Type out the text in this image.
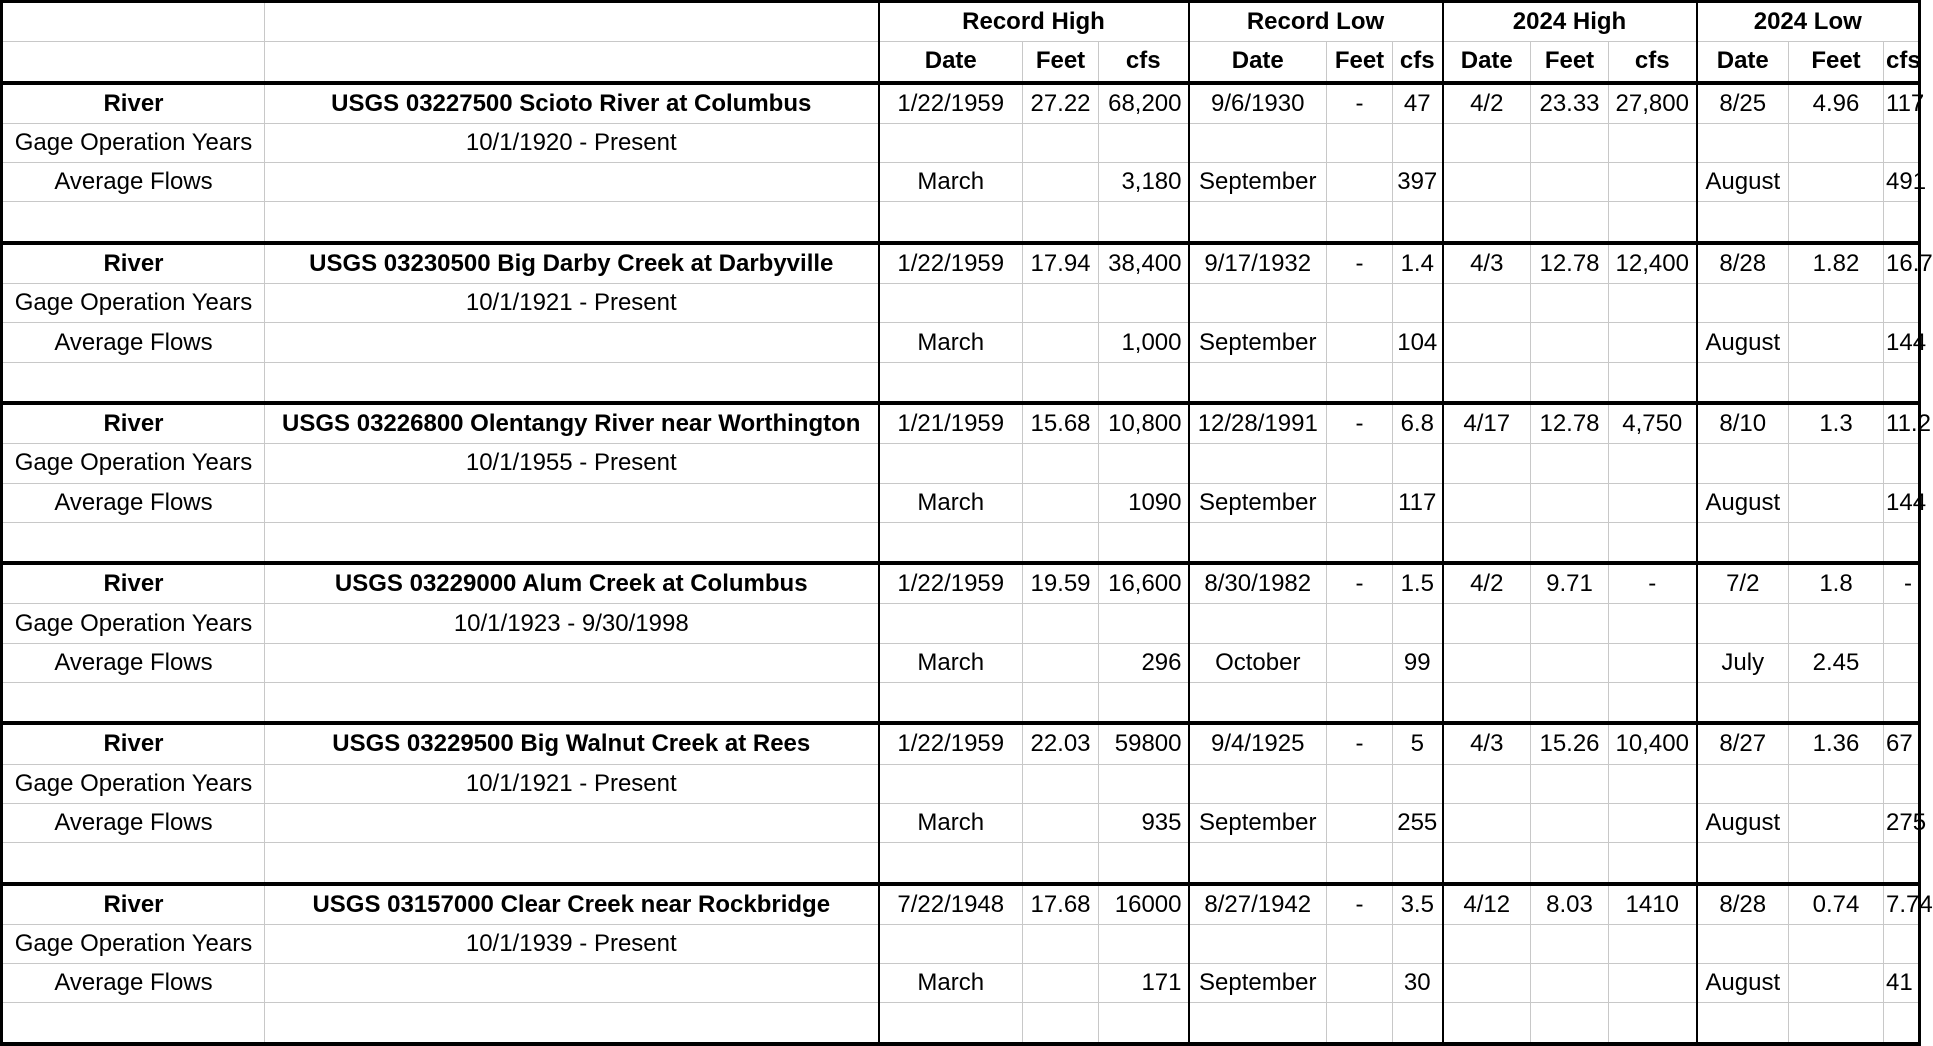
		Record High			Record Low			2024 High			2024 Low		
		Date	Feet	cfs	Date	Feet	cfs	Date	Feet	cfs	Date	Feet	cfs
River	USGS 03227500 Scioto River at Columbus	1/22/1959	27.22	68,200	9/6/1930	-	47	4/2	23.33	27,800	8/25	4.96	117
Gage Operation Years	10/1/1920 - Present												
Average Flows		March		3,180	September		397				August		491

River	USGS 03230500 Big Darby Creek at Darbyville	1/22/1959	17.94	38,400	9/17/1932	-	1.4	4/3	12.78	12,400	8/28	1.82	16.7
Gage Operation Years	10/1/1921 - Present												
Average Flows		March		1,000	September		104				August		144

River	USGS 03226800 Olentangy River near Worthington	1/21/1959	15.68	10,800	12/28/1991	-	6.8	4/17	12.78	4,750	8/10	1.3	11.2
Gage Operation Years	10/1/1955 - Present												
Average Flows		March		1090	September		117				August		144

River	USGS 03229000 Alum Creek at Columbus	1/22/1959	19.59	16,600	8/30/1982	-	1.5	4/2	9.71	-	7/2	1.8	-
Gage Operation Years	10/1/1923 - 9/30/1998												
Average Flows		March		296	October		99				July	2.45	

River	USGS 03229500 Big Walnut Creek at Rees	1/22/1959	22.03	59800	9/4/1925	-	5	4/3	15.26	10,400	8/27	1.36	67
Gage Operation Years	10/1/1921 - Present												
Average Flows		March		935	September		255				August		275

River	USGS 03157000 Clear Creek near Rockbridge	7/22/1948	17.68	16000	8/27/1942	-	3.5	4/12	8.03	1410	8/28	0.74	7.74
Gage Operation Years	10/1/1939 - Present												
Average Flows		March		171	September		30				August		41
